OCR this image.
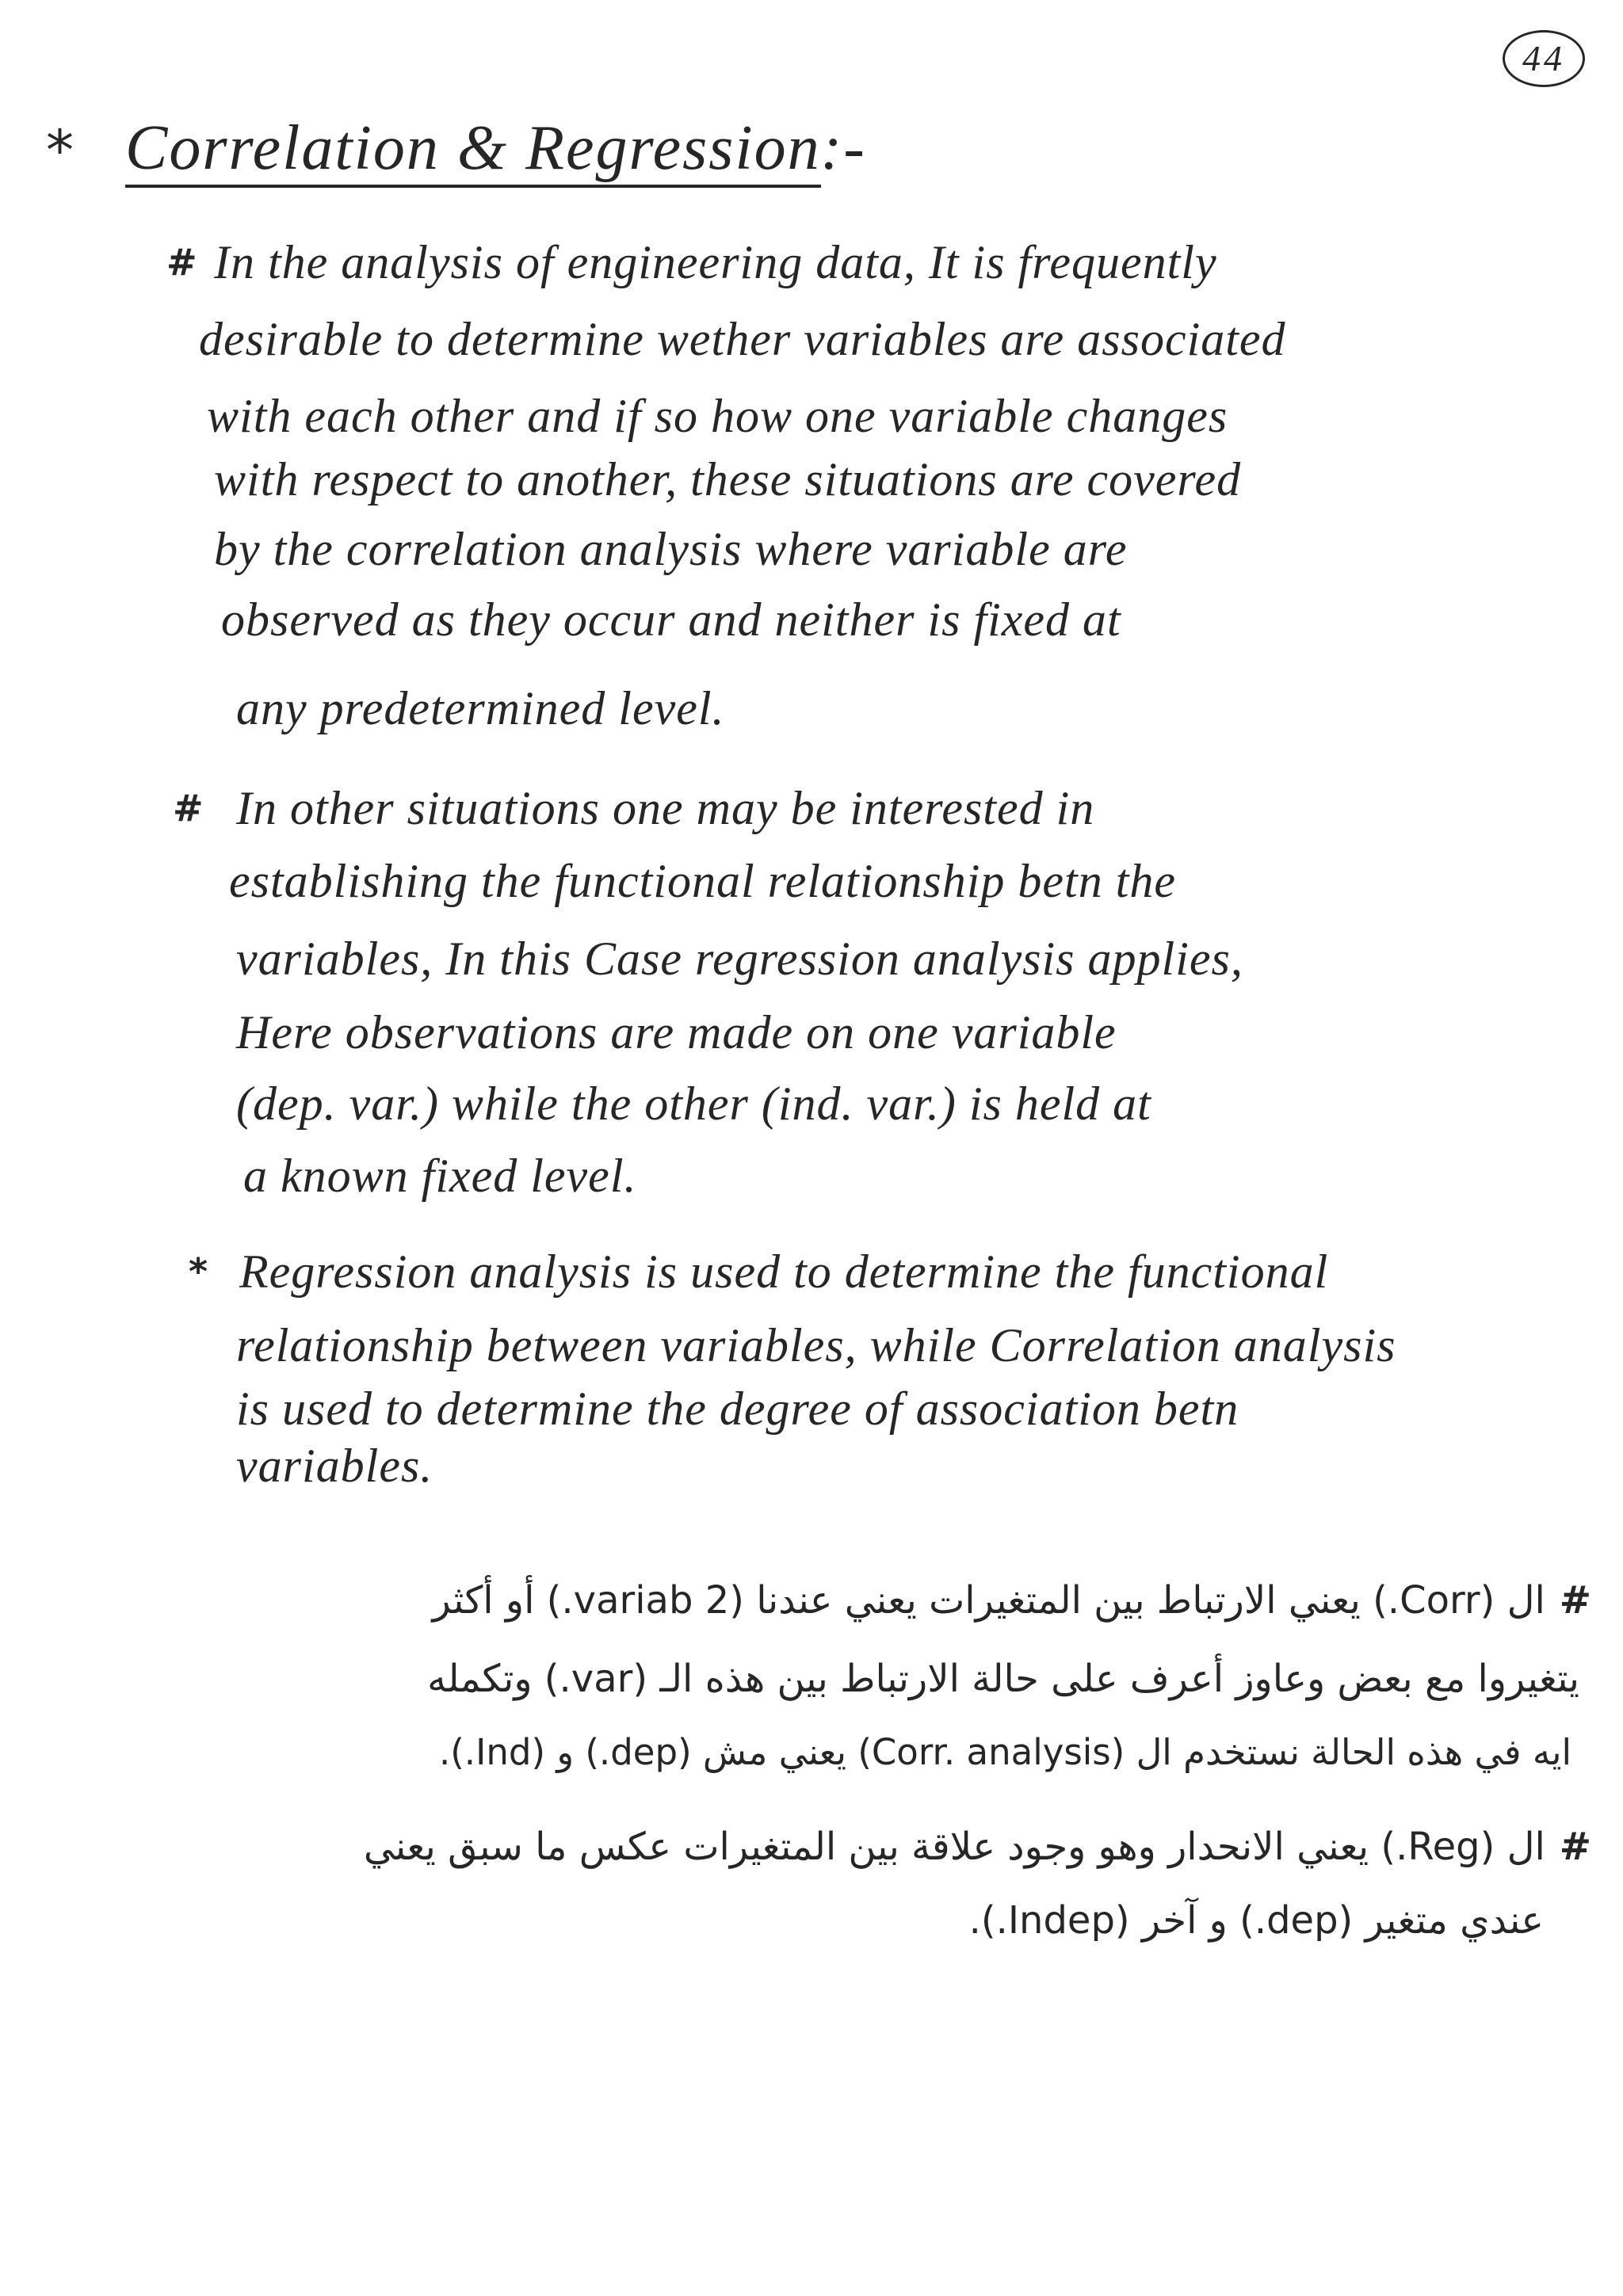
44
* Correlation & Regression:-
# In the analysis of engineering data, It is frequently
desirable to determine wether variables are associated
with each other and if so how one variable changes
with respect to another, these situations are covered
by the correlation analysis where variable are
observed as they occur and neither is fixed at
any predetermined level.
# In other situations one may be interested in
establishing the functional relationship betn the
variables, In this Case regression analysis applies,
Here observations are made on one variable
(dep. var.) while the other (ind. var.) is held at
a known fixed level.
* Regression analysis is used to determine the functional
relationship between variables, while Correlation analysis
is used to determine the degree of association betn
variables.
#ال (Corr.) يعني الارتباط بين المتغيرات يعني عندنا (2 variab.) أو أكثر
يتغيروا مع بعض وعاوز أعرف على حالة الارتباط بين هذه الـ (var.) وتكمله
ايه في هذه الحالة نستخدم ال (Corr. analysis) يعني مش (dep.) و (Ind.).
#ال (Reg.) يعني الانحدار وهو وجود علاقة بين المتغيرات عكس ما سبق يعني
عندي متغير (dep.) و آخر (Indep.).
